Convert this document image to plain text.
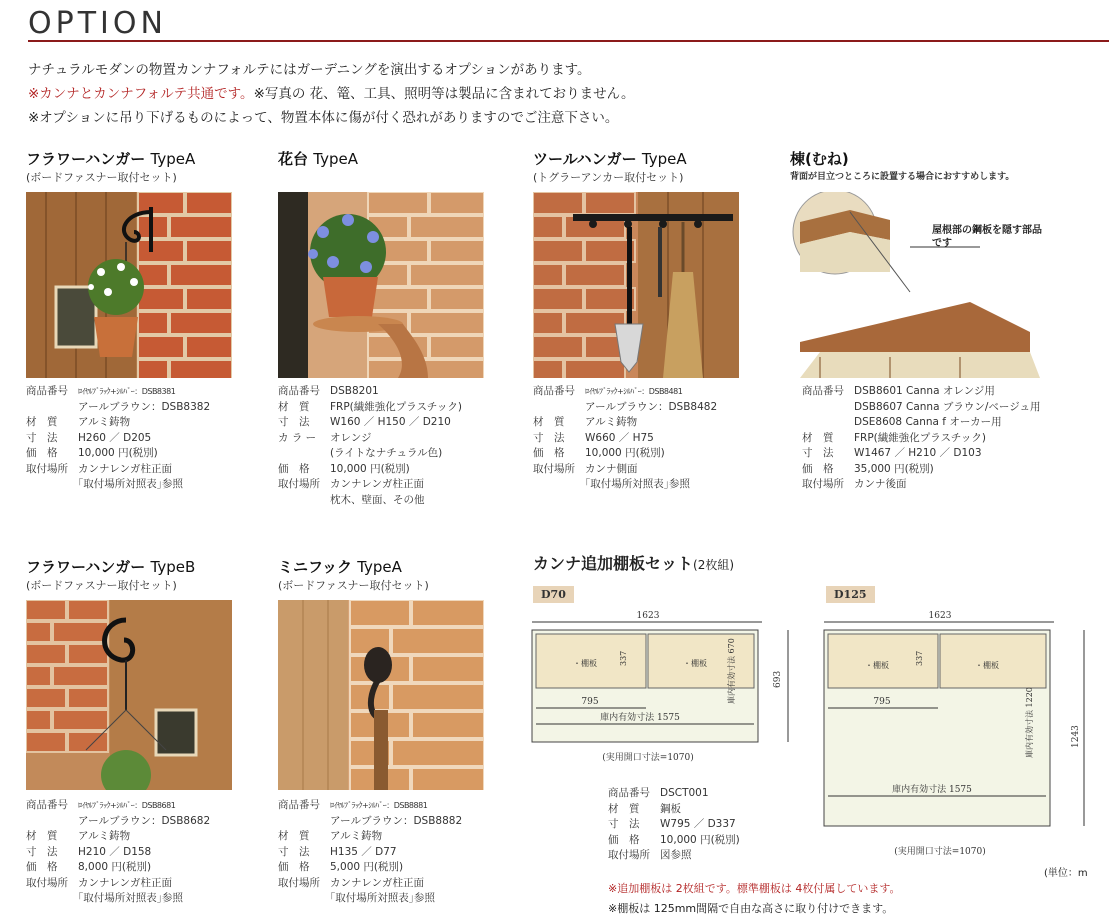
OPTION
ナチュラルモダンの物置カンナフォルテにはガーデニングを演出するオプションがあります。
※カンナとカンナフォルテ共通です。※写真の 花、篭、工具、照明等は製品に含まれておりません。
※オプションに吊り下げるものによって、物置本体に傷が付く恐れがありますのでご注意下さい。
フラワーハンガー TypeA
(ボードファスナー取付セット)
商品番号	ﾛｲﾔﾙﾌﾞﾗｯｸ+ｼﾙﾊﾞｰ：DSB8381
アールブラウン：DSB8382
材　質	アルミ鋳物
寸　法	H260 ／ D205
価　格	10,000 円(税別)
取付場所 カンナレンガ柱正面
｢取付場所対照表｣参照
花台 TypeA
商品番号 DSB8201
材　質	FRP(繊維強化プラスチック)
寸　法	W160 ／ H150 ／ D210
カ ラ ー	オレンジ
(ライトなナチュラル色)
価　格	10,000 円(税別)
取付場所 カンナレンガ柱正面
枕木、壁面、その他
ツールハンガー TypeA
(トグラーアンカー取付セット)
商品番号	ﾛｲﾔﾙﾌﾞﾗｯｸ+ｼﾙﾊﾞｰ：DSB8481
アールブラウン：DSB8482
材　質	アルミ鋳物
寸　法	W660 ／ H75
価　格	10,000 円(税別)
取付場所 カンナ側面
｢取付場所対照表｣参照
棟(むね)
背面が目立つところに設置する場合におすすめします。
屋根部の鋼板を隠す部品です
商品番号 DSB8601 Canna オレンジ用
DSB8607 Canna ブラウン/ベージュ用
DSE8608 Canna f オーカー用
材　質	FRP(繊維強化プラスチック)
寸　法	W1467 ／ H210 ／ D103
価　格	35,000 円(税別)
取付場所 カンナ後面
フラワーハンガー TypeB
(ボードファスナー取付セット)
商品番号	ﾛｲﾔﾙﾌﾞﾗｯｸ+ｼﾙﾊﾞｰ：DSB8681
アールブラウン：DSB8682
材　質	アルミ鋳物
寸　法	H210 ／ D158
価　格	8,000 円(税別)
取付場所 カンナレンガ柱正面
｢取付場所対照表｣参照
ミニフック TypeA
(ボードファスナー取付セット)
商品番号	ﾛｲﾔﾙﾌﾞﾗｯｸ+ｼﾙﾊﾞｰ：DSB8881
アールブラウン：DSB8882
材　質	アルミ鋳物
寸　法	H135 ／ D77
価　格	5,000 円(税別)
取付場所 カンナレンガ柱正面
｢取付場所対照表｣参照
カンナ追加棚板セット(2枚組)
D70	D125
1623
・棚板	・棚板
337
795
庫内有効寸法 1575
庫内有効寸法 670	693
(実用開口寸法=1070)
1623
・棚板	・棚板
337
795
庫内有効寸法 1575
庫内有効寸法 1220	1243
(実用開口寸法=1070)
(単位：m
商品番号 DSCT001
材　質	鋼板
寸　法	W795 ／ D337
価　格	10,000 円(税別)
取付場所 図参照
※追加棚板は 2枚組です。標準棚板は 4枚付属しています。
※棚板は 125mm間隔で自由な高さに取り付けできます。
